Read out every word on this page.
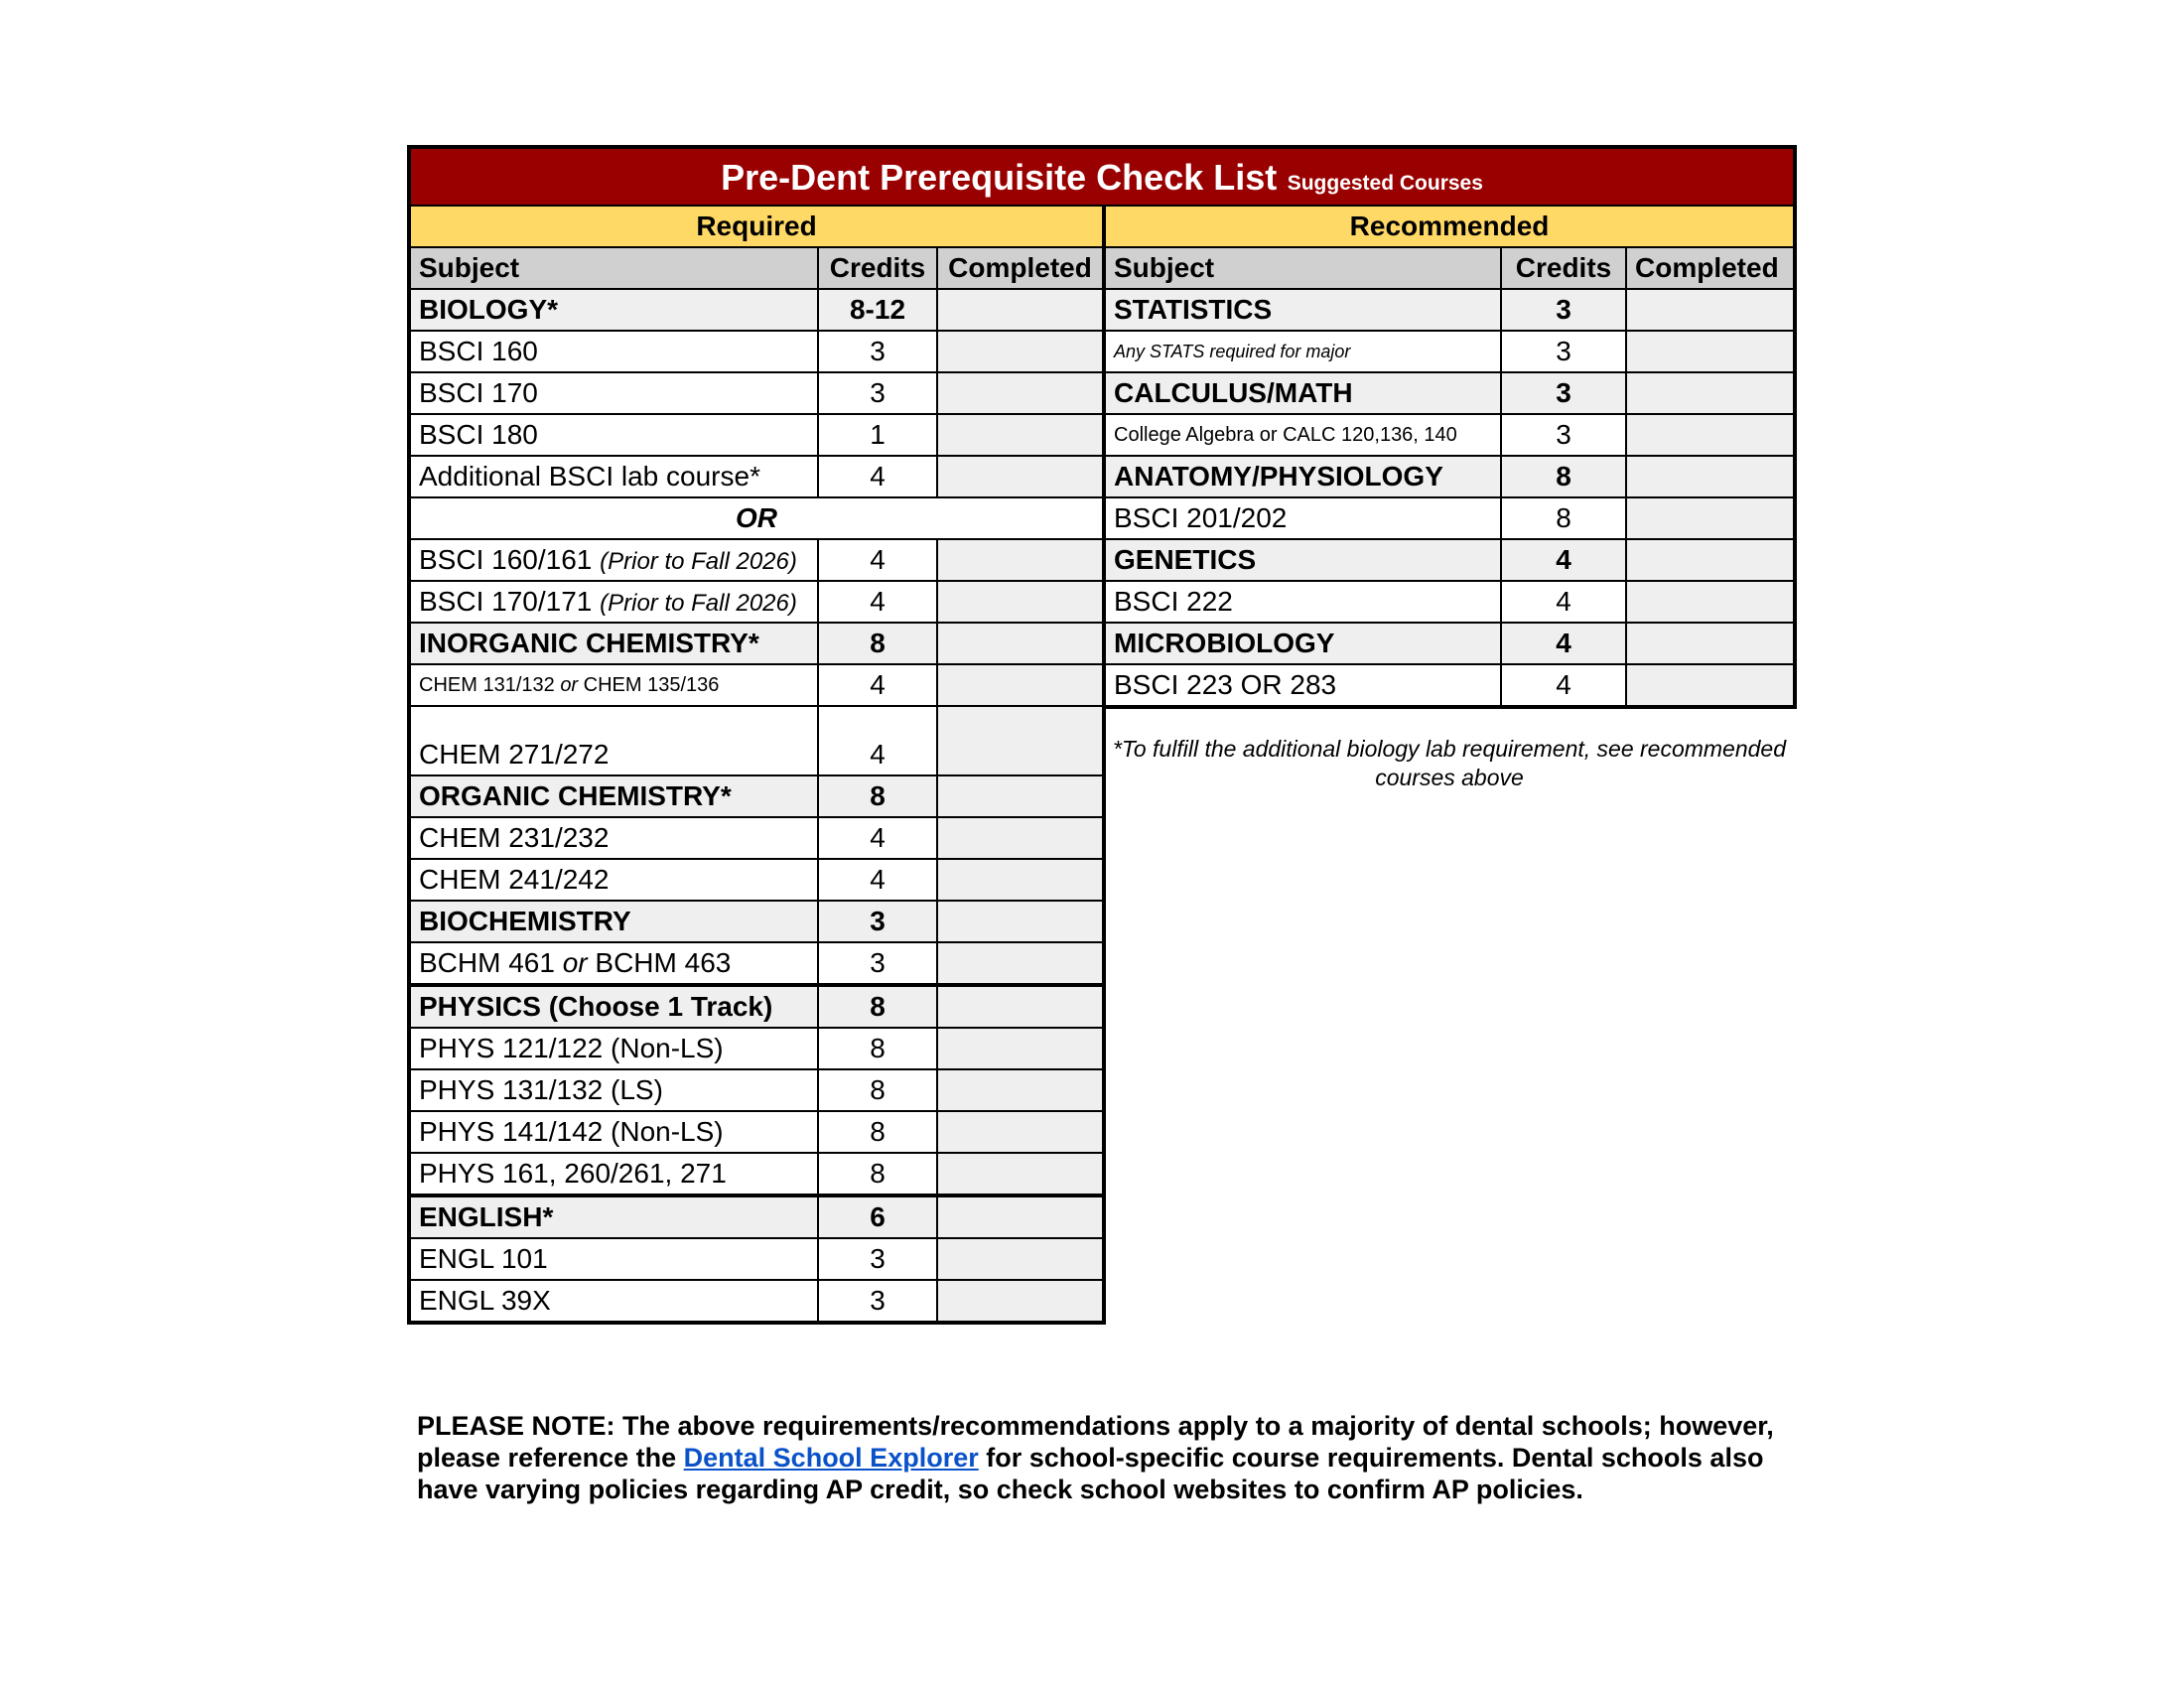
Pre-Dent Prerequisite Check List Suggested Courses
Required		
Subject	Credits	Completed
BIOLOGY*	8-12	
BSCI 160	3	
BSCI 170	3	
BSCI 180	1	
Additional BSCI lab course*	4	
OR		
BSCI 160/161 (Prior to Fall 2026)	4	
BSCI 170/171 (Prior to Fall 2026)	4	
INORGANIC CHEMISTRY*	8	
CHEM 131/132 or CHEM 135/136	4	
CHEM 271/272	4	
ORGANIC CHEMISTRY*	8	
CHEM 231/232	4	
CHEM 241/242	4	
BIOCHEMISTRY	3	
BCHM 461 or BCHM 463	3	
PHYSICS (Choose 1 Track)	8	
PHYS 121/122 (Non-LS)	8	
PHYS 131/132 (LS)	8	
PHYS 141/142 (Non-LS)	8	
PHYS 161, 260/261, 271	8	
ENGLISH*	6	
ENGL 101	3	
ENGL 39X	3	
Recommended		
Subject	Credits	Completed
STATISTICS	3	
Any STATS required for major	3	
CALCULUS/MATH	3	
College Algebra or CALC 120,136, 140	3	
ANATOMY/PHYSIOLOGY	8	
BSCI 201/202	8	
GENETICS	4	
BSCI 222	4	
MICROBIOLOGY	4	
BSCI 223 OR 283	4	
*To fulfill the additional biology lab requirement, see recommended courses above
PLEASE NOTE: The above requirements/recommendations apply to a majority of dental schools; however, please reference the Dental School Explorer for school-specific course requirements. Dental schools also have varying policies regarding AP credit, so check school websites to confirm AP policies.
